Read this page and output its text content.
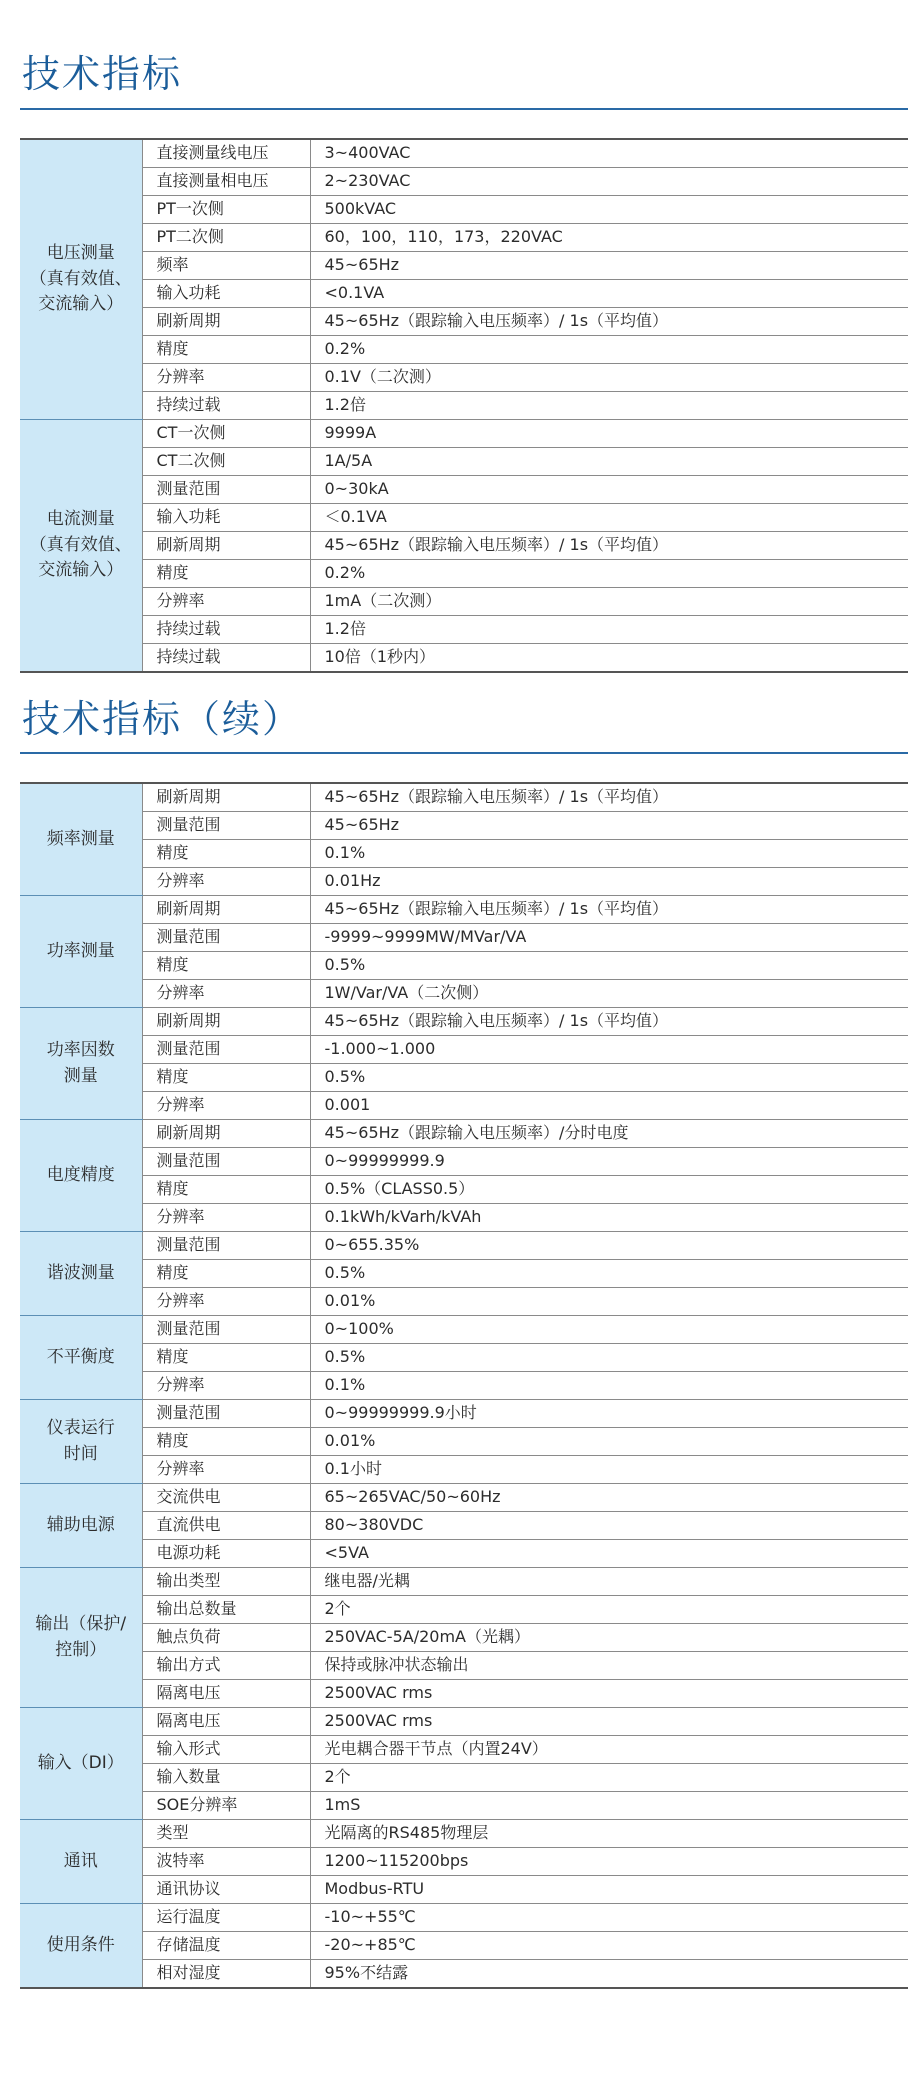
技术指标
电压测量
（真有效值、
交流输入）	直接测量线电压	3~400VAC
	直接测量相电压	2~230VAC
	PT一次侧	500kVAC
	PT二次侧	60，100，110，173，220VAC
	频率	45~65Hz
	输入功耗	<0.1VA
	刷新周期	45~65Hz（跟踪输入电压频率）/ 1s（平均值）
	精度	0.2%
	分辨率	0.1V（二次测）
	持续过载	1.2倍

电流测量
（真有效值、
交流输入）	CT一次侧	9999A
	CT二次侧	1A/5A
	测量范围	0~30kA
	输入功耗	＜0.1VA
	刷新周期	45~65Hz（跟踪输入电压频率）/ 1s（平均值）
	精度	0.2%
	分辨率	1mA（二次测）
	持续过载	1.2倍
	持续过载	10倍（1秒内）
技术指标（续）
频率测量	刷新周期	45~65Hz（跟踪输入电压频率）/ 1s（平均值）
	测量范围	45~65Hz
	精度	0.1%
	分辨率	0.01Hz

功率测量	刷新周期	45~65Hz（跟踪输入电压频率）/ 1s（平均值）
	测量范围	-9999~9999MW/MVar/VA
	精度	0.5%
	分辨率	1W/Var/VA（二次侧）

功率因数
测量	刷新周期	45~65Hz（跟踪输入电压频率）/ 1s（平均值）
	测量范围	-1.000~1.000
	精度	0.5%
	分辨率	0.001

电度精度	刷新周期	45~65Hz（跟踪输入电压频率）/分时电度
	测量范围	0~99999999.9
	精度	0.5%（CLASS0.5）
	分辨率	0.1kWh/kVarh/kVAh

谐波测量	测量范围	0~655.35%
	精度	0.5%
	分辨率	0.01%

不平衡度	测量范围	0~100%
	精度	0.5%
	分辨率	0.1%

仪表运行
时间	测量范围	0~99999999.9小时
	精度	0.01%
	分辨率	0.1小时

辅助电源	交流供电	65~265VAC/50~60Hz
	直流供电	80~380VDC
	电源功耗	<5VA

输出（保护/
控制）	输出类型	继电器/光耦
	输出总数量	2个
	触点负荷	250VAC-5A/20mA（光耦）
	输出方式	保持或脉冲状态输出
	隔离电压	2500VAC rms

输入（DI）	隔离电压	2500VAC rms
	输入形式	光电耦合器干节点（内置24V）
	输入数量	2个
	SOE分辨率	1mS

通讯	类型	光隔离的RS485物理层
	波特率	1200~115200bps
	通讯协议	Modbus-RTU

使用条件	运行温度	-10~+55℃
	存储温度	-20~+85℃
	相对湿度	95%不结露
